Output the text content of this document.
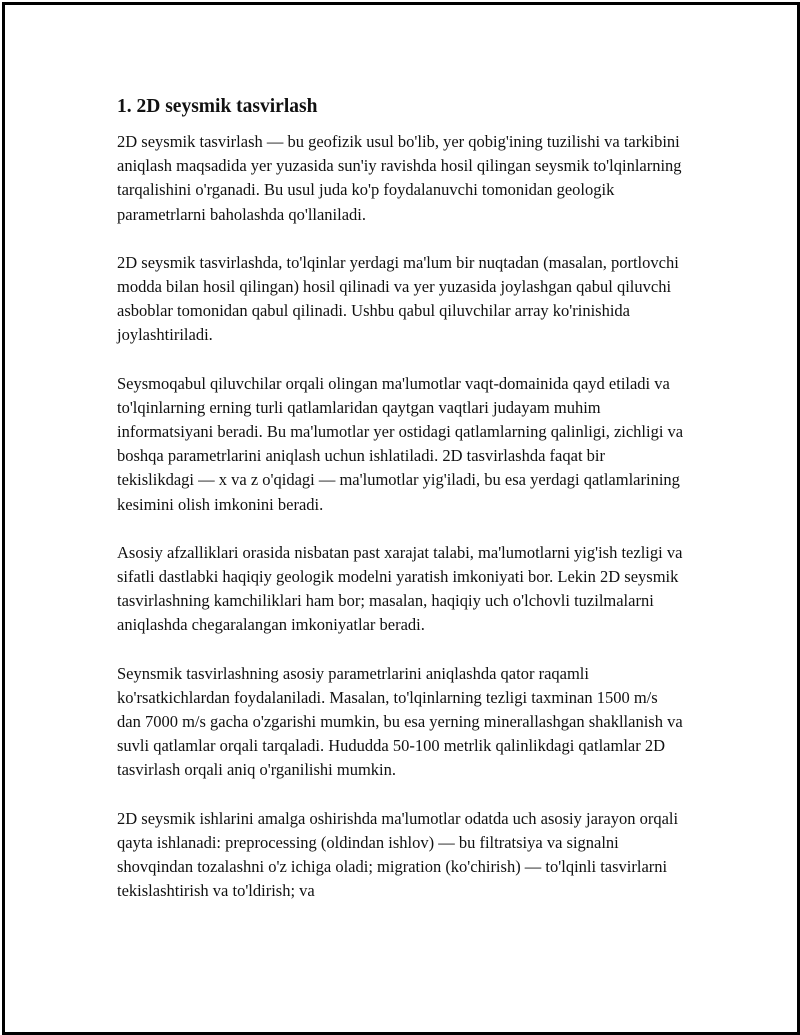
1. 2D seysmik tasvirlash

2D seysmik tasvirlash — bu geofizik usul bo'lib, yer qobig'ining tuzilishi va tarkibini aniqlash maqsadida yer yuzasida sun'iy ravishda hosil qilingan seysmik to'lqinlarning tarqalishini o'rganadi. Bu usul juda ko'p foydalanuvchi tomonidan geologik parametrlarni baholashda qo'llaniladi.

2D seysmik tasvirlashda, to'lqinlar yerdagi ma'lum bir nuqtadan (masalan, portlovchi modda bilan hosil qilingan) hosil qilinadi va yer yuzasida joylashgan qabul qiluvchi asboblar tomonidan qabul qilinadi. Ushbu qabul qiluvchilar array ko'rinishida joylashtiriladi.

Seysmoqabul qiluvchilar orqali olingan ma'lumotlar vaqt-domainida qayd etiladi va to'lqinlarning erning turli qatlamlaridan qaytgan vaqtlari judayam muhim informatsiyani beradi. Bu ma'lumotlar yer ostidagi qatlamlarning qalinligi, zichligi va boshqa parametrlarini aniqlash uchun ishlatiladi. 2D tasvirlashda faqat bir tekislikdagi — x va z o'qidagi — ma'lumotlar yig'iladi, bu esa yerdagi qatlamlarining kesimini olish imkonini beradi.

Asosiy afzalliklari orasida nisbatan past xarajat talabi, ma'lumotlarni yig'ish tezligi va sifatli dastlabki haqiqiy geologik modelni yaratish imkoniyati bor. Lekin 2D seysmik tasvirlashning kamchiliklari ham bor; masalan, haqiqiy uch o'lchovli tuzilmalarni aniqlashda chegaralangan imkoniyatlar beradi.

Seynsmik tasvirlashning asosiy parametrlarini aniqlashda qator raqamli ko'rsatkichlardan foydalaniladi. Masalan, to'lqinlarning tezligi taxminan 1500 m/s dan 7000 m/s gacha o'zgarishi mumkin, bu esa yerning minerallashgan shakllanish va suvli qatlamlar orqali tarqaladi. Hududda 50-100 metrlik qalinlikdagi qatlamlar 2D tasvirlash orqali aniq o'rganilishi mumkin.

2D seysmik ishlarini amalga oshirishda ma'lumotlar odatda uch asosiy jarayon orqali qayta ishlanadi: preprocessing (oldindan ishlov) — bu filtratsiya va signalni shovqindan tozalashni o'z ichiga oladi; migration (ko'chirish) — to'lqinli tasvirlarni tekislashtirish va to'ldirish; va
